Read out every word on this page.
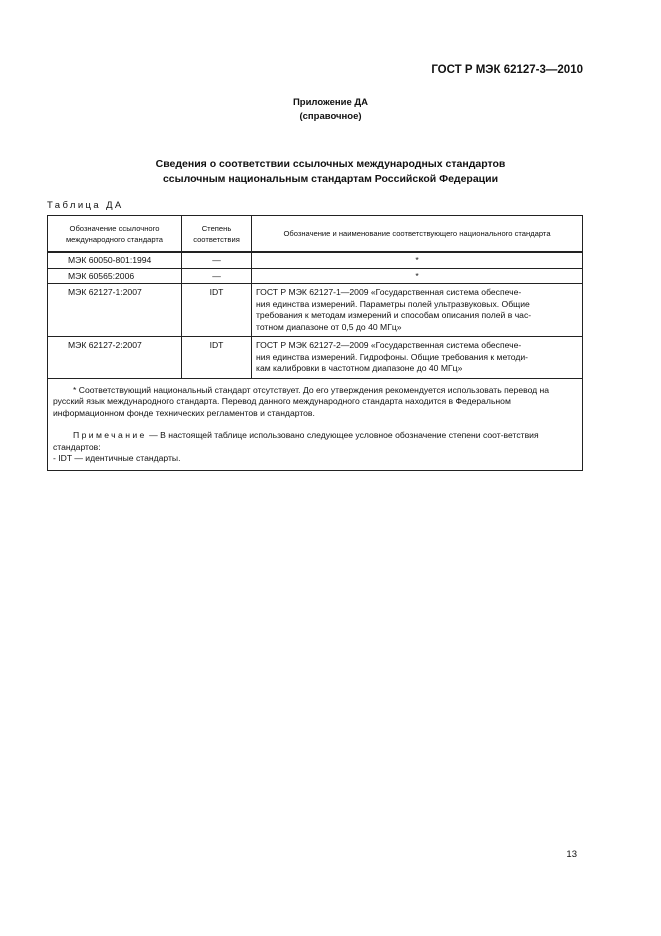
ГОСТ Р МЭК 62127-3—2010
Приложение ДА
(справочное)
Сведения о соответствии ссылочных международных стандартов
ссылочным национальным стандартам Российской Федерации
Таблица ДА
Обозначение ссылочного международного стандарта	Степень соответствия	Обозначение и наименование соответствующего национального стандарта
МЭК 60050-801:1994	—	*
МЭК 60565:2006	—	*
МЭК 62127-1:2007	IDT	ГОСТ Р МЭК 62127-1—2009 «Государственная система обеспече-
ния единства измерений. Параметры полей ультразвуковых. Общие
требования к методам измерений и способам описания полей в час-
тотном диапазоне от 0,5 до 40 МГц»
МЭК 62127-2:2007	IDT	ГОСТ Р МЭК 62127-2—2009 «Государственная система обеспече-
ния единства измерений. Гидрофоны. Общие требования к методи-
кам калибровки в частотном диапазоне до 40 МГц»

* Соответствующий национальный стандарт отсутствует. До его утверждения рекомендуется использовать перевод на русский язык международного стандарта. Перевод данного международного стандарта находится в Федеральном информационном фонде технических регламентов и стандартов.

Примечание — В настоящей таблице использовано следующее условное обозначение степени соот-ветствия стандартов:

- IDT — идентичные стандарты.		
13
